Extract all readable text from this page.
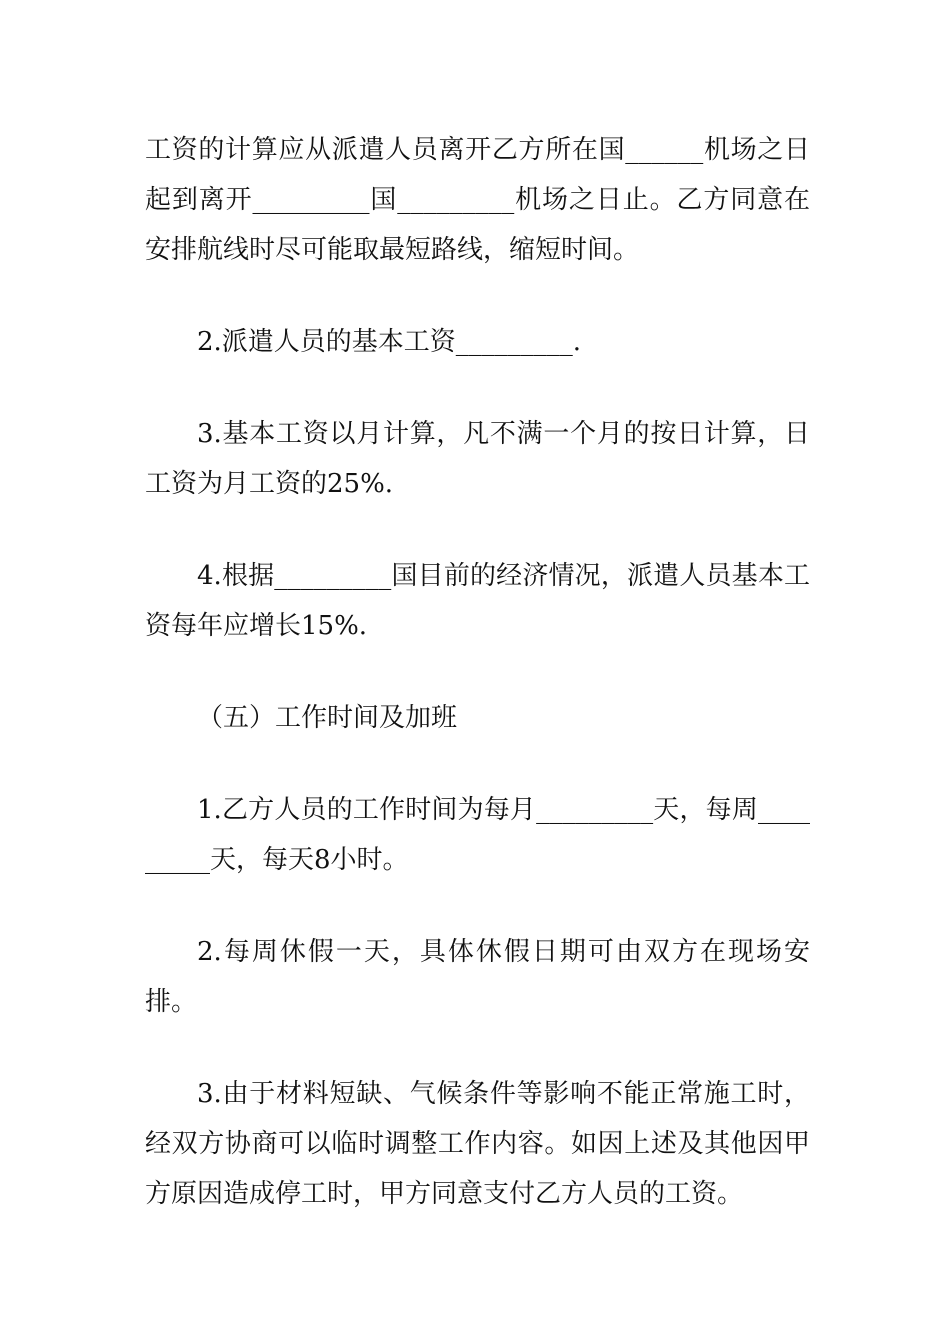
工资的计算应从派遣人员离开乙方所在国______机场之日起到离开_________国_________机场之日止。乙方同意在安排航线时尽可能取最短路线，缩短时间。

2.派遣人员的基本工资_________.

3.基本工资以月计算，凡不满一个月的按日计算，日工资为月工资的25%.

4.根据_________国目前的经济情况，派遣人员基本工资每年应增长15%.

（五）工作时间及加班

1.乙方人员的工作时间为每月_________天，每周_________天，每天8小时。

2.每周休假一天，具体休假日期可由双方在现场安排。

3.由于材料短缺、气候条件等影响不能正常施工时，经双方协商可以临时调整工作内容。如因上述及其他因甲方原因造成停工时，甲方同意支付乙方人员的工资。
